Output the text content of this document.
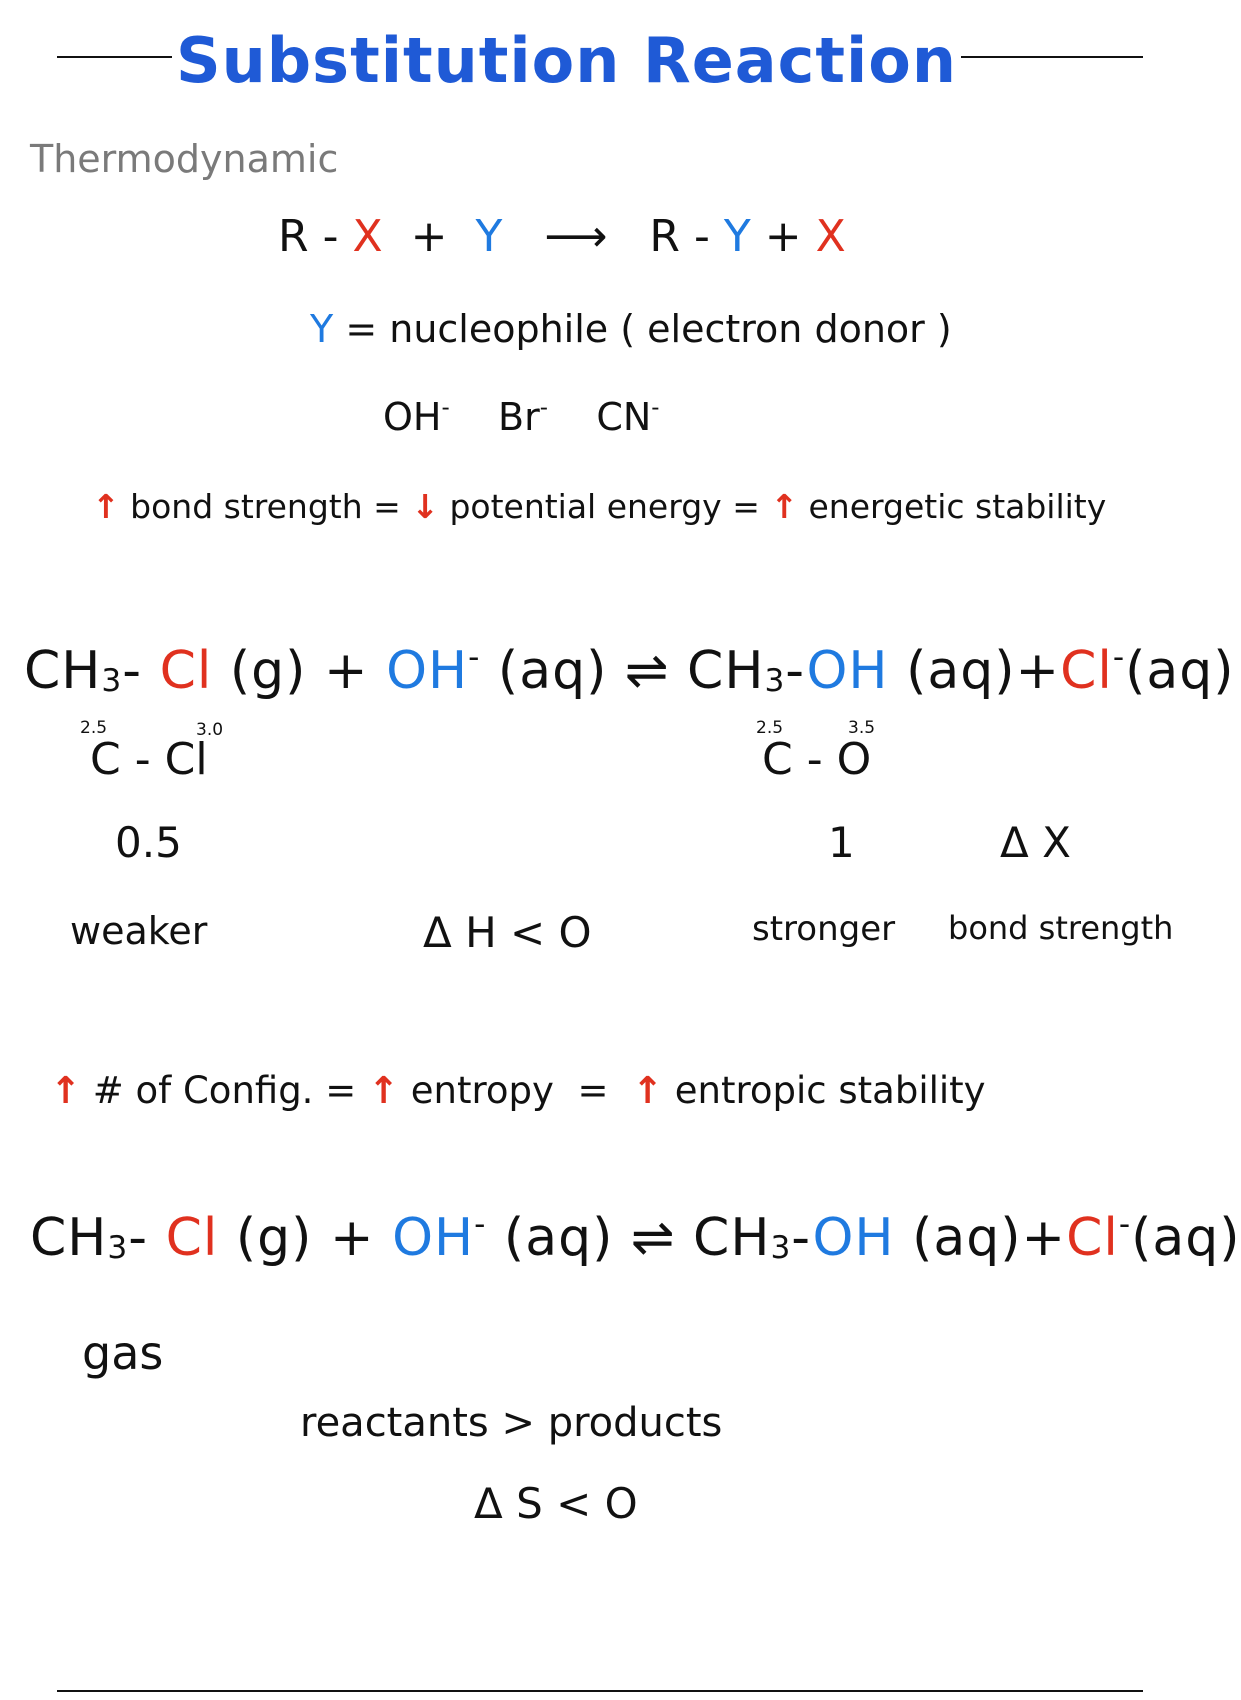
Substitution Reaction
Thermodynamic
R - X + Y ⟶ R - Y + X
Y = nucleophile ( electron donor )
OH- Br- CN-
↑ bond strength = ↓ potential energy = ↑ energetic stability
$CH_3-$ Cl (g) + OH- (aq) ⇌ $CH_3-OH$ (aq)+Cl-(aq)
2.5	3.0	2.5	3.5
C - Cl	C - O
0.5	1	Δ X
weaker	Δ H < O	stronger bond strength
↑ # of Config. = ↑ entropy = ↑ entropic stability
$CH_3-$ Cl (g) + OH- (aq) ⇌ $CH_3-OH$ (aq)+Cl-(aq)
gas
reactants > products
Δ S < O
